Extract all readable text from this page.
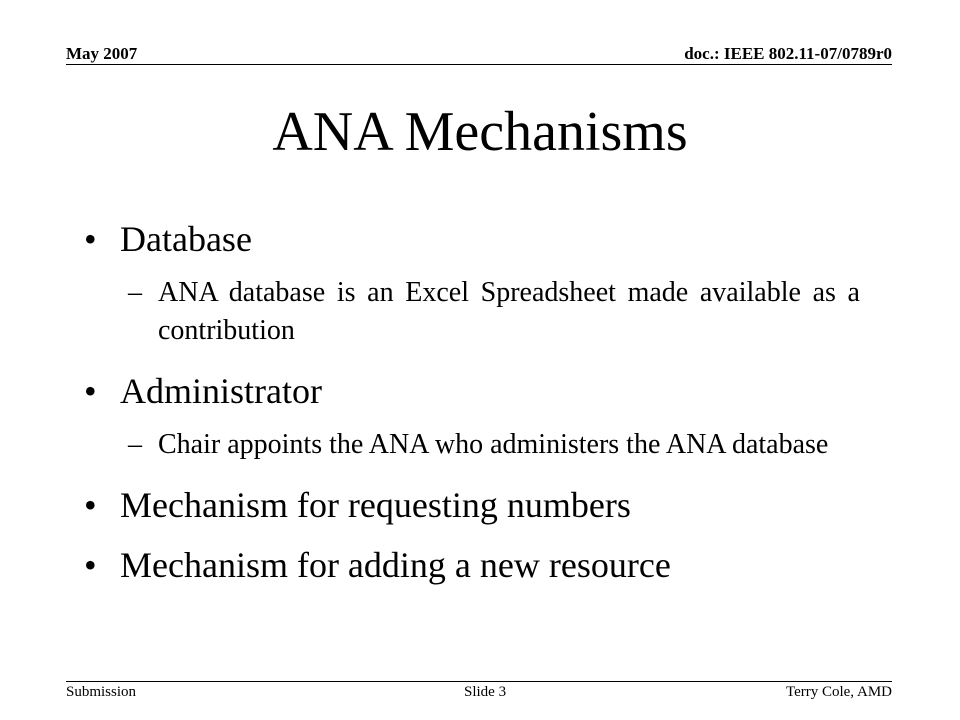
May 2007	doc.: IEEE 802.11-07/0789r0
ANA Mechanisms
• Database
– ANA database is an Excel Spreadsheet made available as a contribution
• Administrator
– Chair appoints the ANA who administers the ANA database
• Mechanism for requesting numbers
• Mechanism for adding a new resource
Submission	Slide 3	Terry Cole, AMD
